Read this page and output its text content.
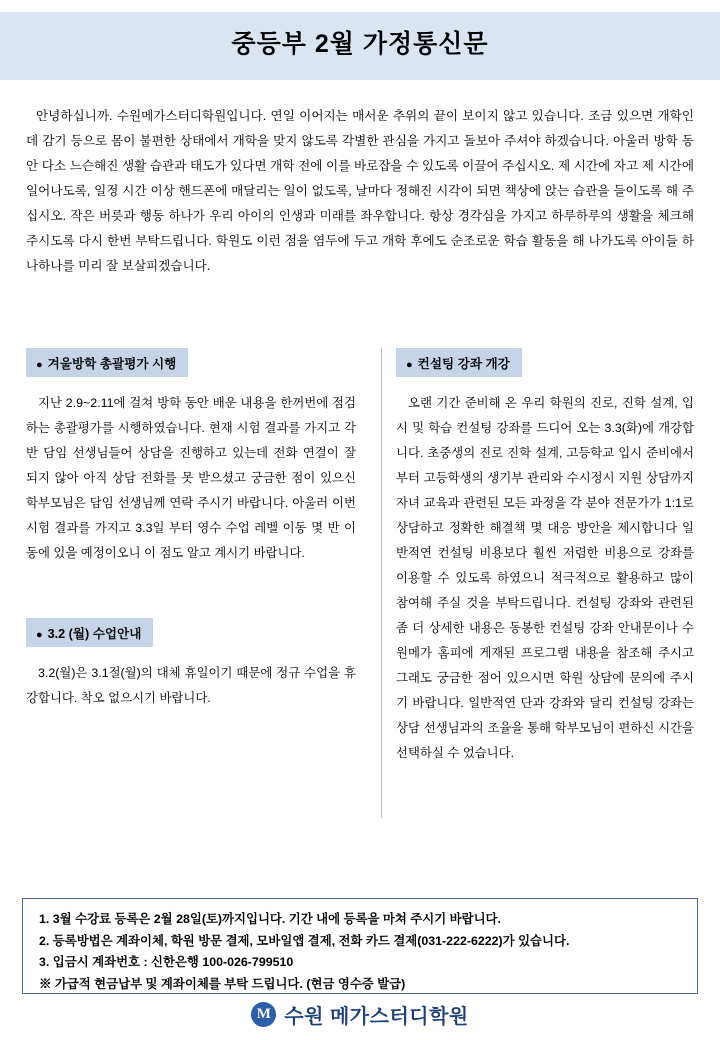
중등부 2월 가정통신문

안녕하십니까. 수원메가스터디학원입니다. 연일 이어지는 매서운 추위의 끝이 보이지 않고 있습니다. 조금 있으면 개학인데 감기 등으로 몸이 불편한 상태에서 개학을 맞지 않도록 각별한 관심을 가지고 돌보아 주셔야 하겠습니다. 아울러 방학 동안 다소 느슨해진 생활 습관과 태도가 있다면 개학 전에 이를 바로잡을 수 있도록 이끌어 주십시오. 제 시간에 자고 제 시간에 일어나도록, 일정 시간 이상 핸드폰에 매달리는 일이 없도록, 날마다 정해진 시각이 되면 책상에 앉는 습관을 들이도록 해 주십시오. 작은 버릇과 행동 하나가 우리 아이의 인생과 미래를 좌우합니다. 항상 경각심을 가지고 하루하루의 생활을 체크해 주시도록 다시 한번 부탁드립니다. 학원도 이런 점을 염두에 두고 개학 후에도 순조로운 학습 활동을 해 나가도록 아이들 하나하나를 미리 잘 보살피겠습니다.

● 겨울방학 총괄평가 시행

지난 2.9~2.11에 걸쳐 방학 동안 배운 내용을 한꺼번에 점검하는 총괄평가를 시행하였습니다. 현재 시험 결과를 가지고 각 반 담임 선생님들어 상담을 진행하고 있는데 전화 연결이 잘 되지 않아 아직 상담 전화를 못 받으셨고 궁금한 점이 있으신 학부모님은 담임 선생님께 연락 주시기 바랍니다. 아울러 이번 시험 결과를 가지고 3.3일 부터 영수 수업 레벨 이동 몇 반 이동에 있을 예정이오니 이 점도 알고 계시기 바랍니다.

● 3.2 (월) 수업안내

3.2(월)은 3.1절(월)의 대체 휴일이기 때문에 정규 수업을 휴강합니다. 착오 없으시기 바랍니다.

● 컨설팅 강좌 개강

오랜 기간 준비해 온 우리 학원의 진로, 진학 설계, 입시 및 학습 컨설팅 강좌를 드디어 오는 3.3(화)에 개강합니다. 초중생의 진로 진학 설계, 고등학교 입시 준비에서부터 고등학생의 생기부 관리와 수시정시 지원 상담까지 자녀 교육과 관련된 모든 과정을 각 분야 전문가가 1:1로 상담하고 정확한 해결책 몇 대응 방안을 제시합니다 일반적연 컨설팅 비용보다 훨씬 저렴한 비용으로 강좌를 이용할 수 있도록 하였으니 적극적으로 활용하고 많이 참여해 주실 것을 부탁드립니다. 컨설팅 강좌와 관련된 좀 더 상세한 내용은 동봉한 컨설팅 강좌 안내문이나 수원메가 홈피에 게재된 프로그램 내용을 참조해 주시고 그래도 궁금한 점어 있으시면 학원 상담에 문의에 주시기 바랍니다. 일반적연 단과 강좌와 달리 컨설팅 강좌는 상담 선생님과의 조율을 통해 학부모님이 편하신 시간을 선택하실 수 었습니다.

1. 3월 수강료 등록은 2월 28일(토)까지입니다. 기간 내에 등록을 마쳐 주시기 바랍니다.
2. 등록방법은 계좌이체, 학원 방문 결제, 모바일앱 결제, 전화 카드 결제(031-222-6222)가 있습니다.
3. 입금시 계좌번호 : 신한은행 100-026-799510
※ 가급적 현금납부 및 계좌이체를 부탁 드립니다. (현금 영수증 발급)
M 수원 메가스터디학원
